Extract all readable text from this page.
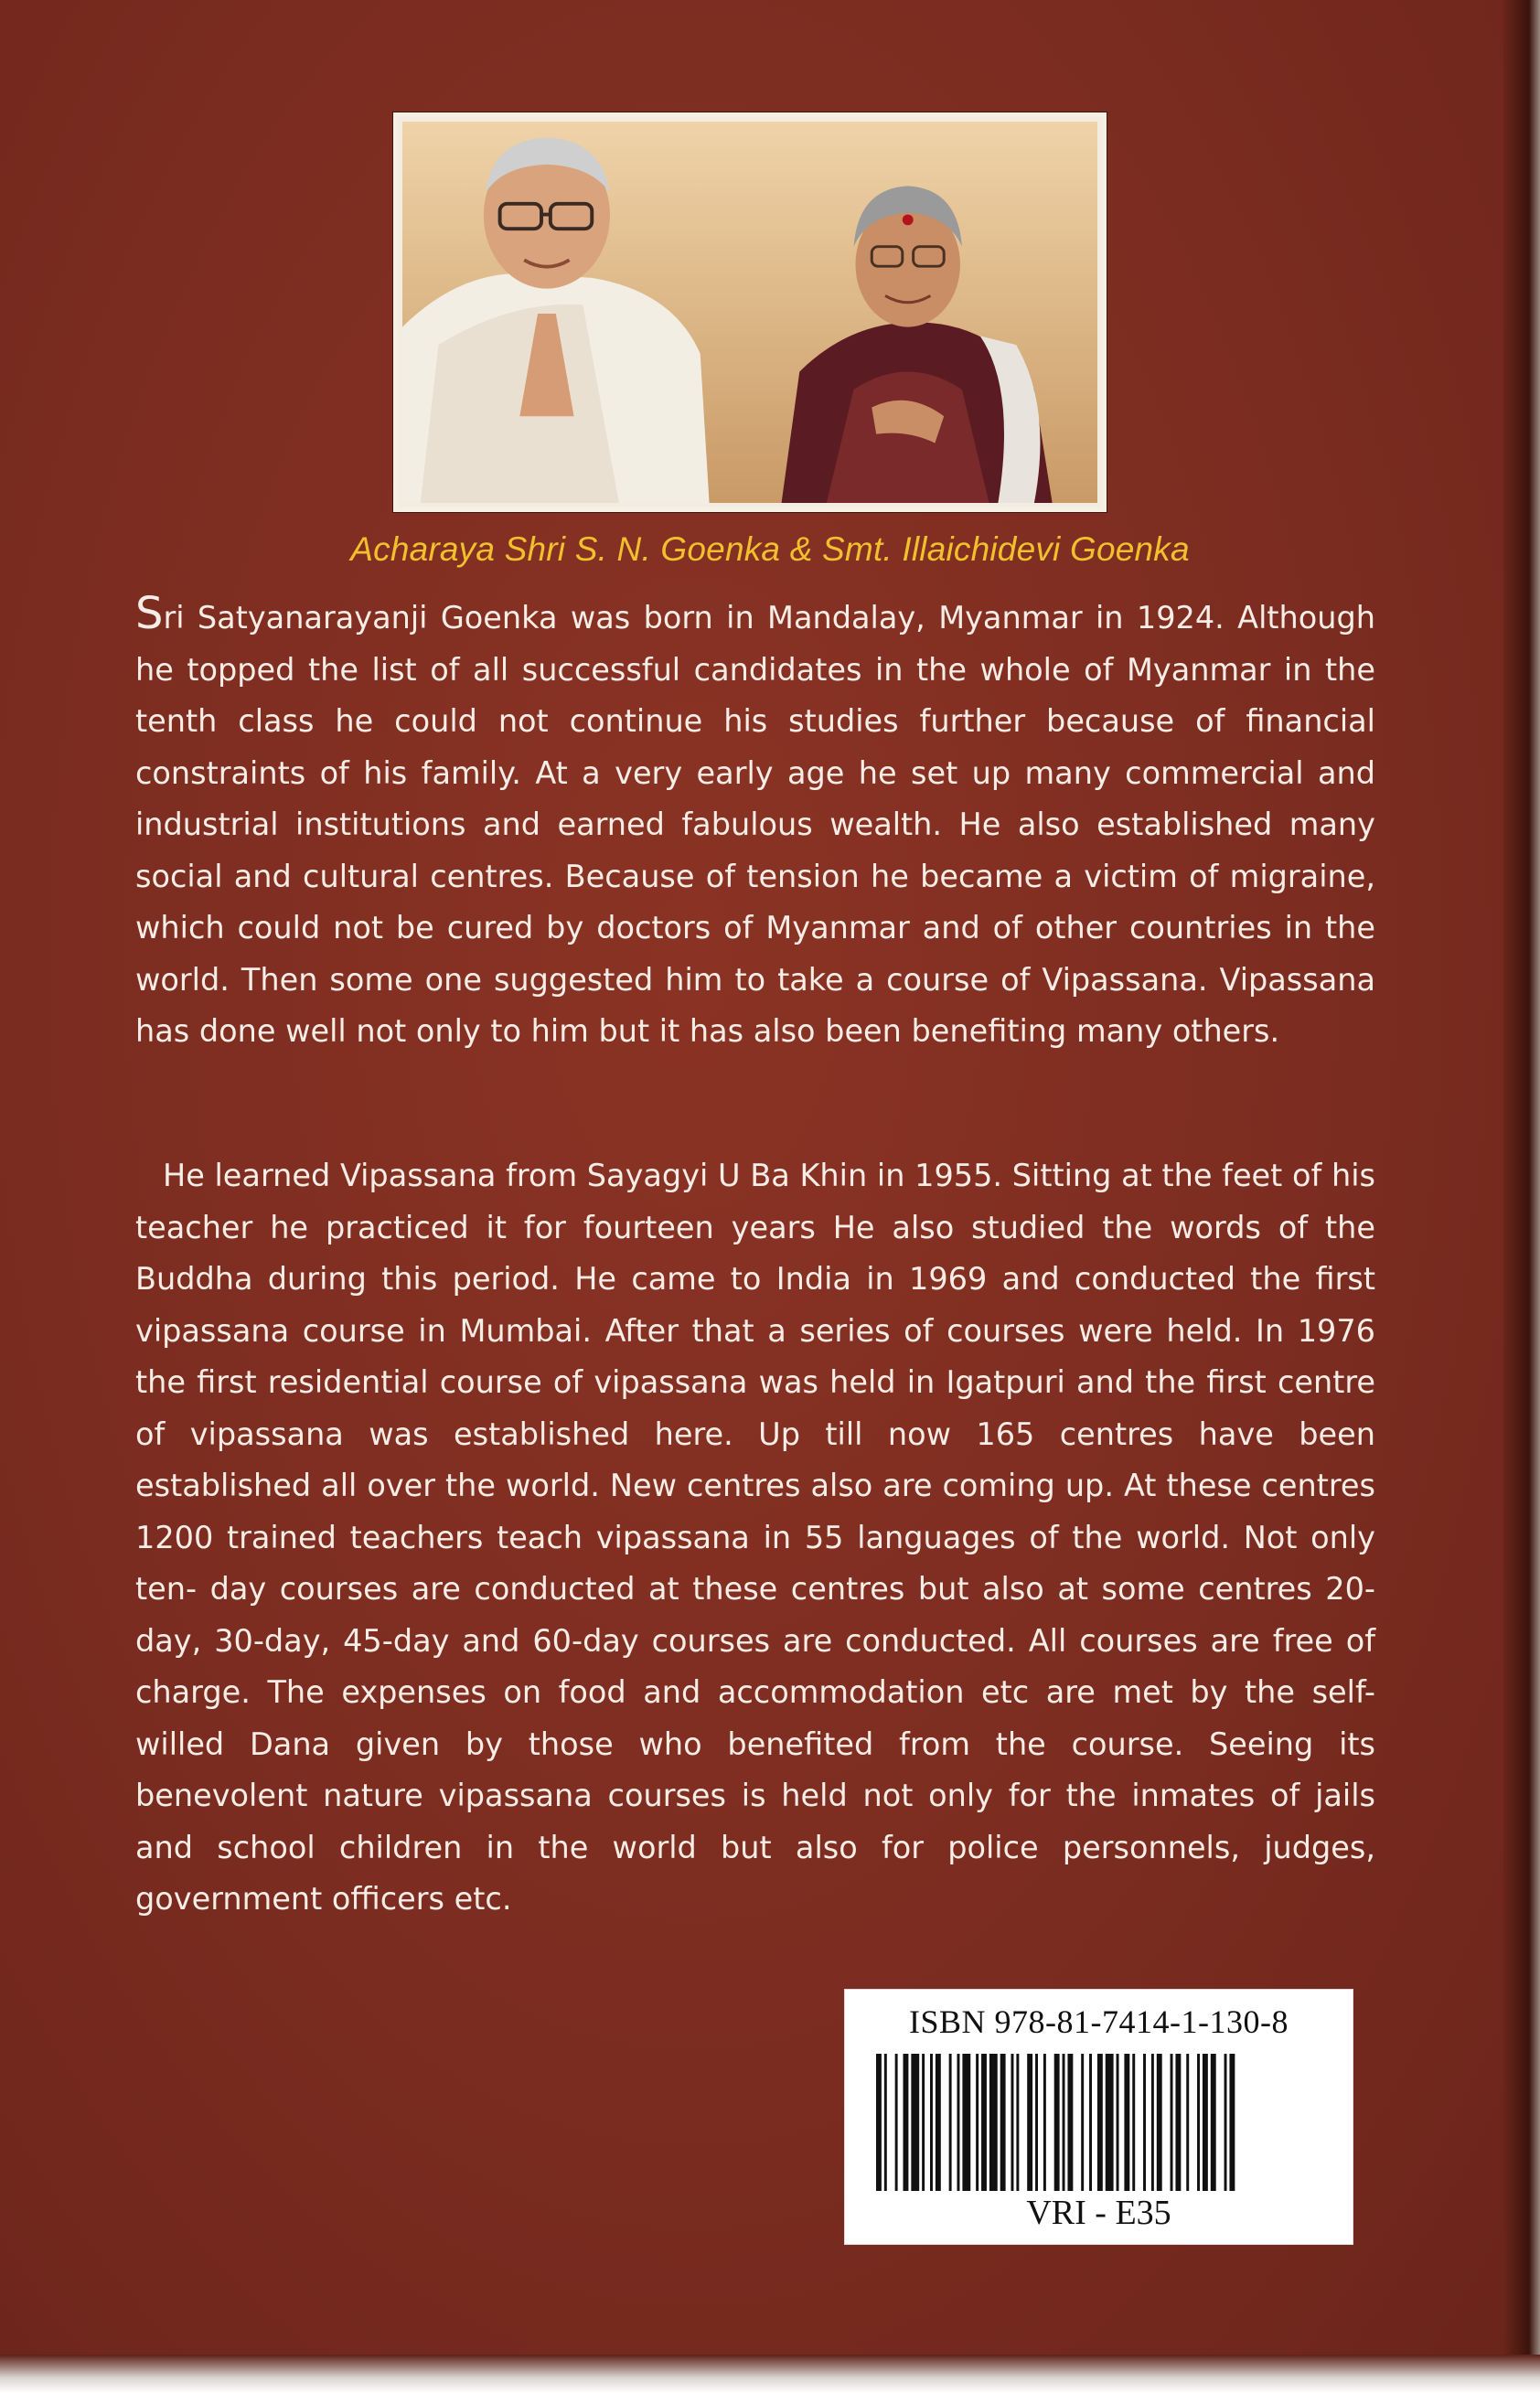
Acharaya Shri S. N. Goenka & Smt. Illaichidevi Goenka

Sri Satyanarayanji Goenka was born in Mandalay, Myanmar in 1924. Although he topped the list of all successful candidates in the whole of Myanmar in the tenth class he could not continue his studies further because of financial constraints of his family. At a very early age he set up many commercial and industrial institutions and earned fabulous wealth. He also established many social and cultural centres. Because of tension he became a victim of migraine, which could not be cured by doctors of Myanmar and of other countries in the world. Then some one suggested him to take a course of Vipassana. Vipassana has done well not only to him but it has also been benefiting many others.

He learned Vipassana from Sayagyi U Ba Khin in 1955. Sitting at the feet of his teacher he practiced it for fourteen years He also studied the words of the Buddha during this period. He came to India in 1969 and conducted the first vipassana course in Mumbai. After that a series of courses were held. In 1976 the first residential course of vipassana was held in Igatpuri and the first centre of vipassana was established here. Up till now 165 centres have been established all over the world. New centres also are coming up. At these centres 1200 trained teachers teach vipassana in 55 languages of the world. Not only ten- day courses are conducted at these centres but also at some centres 20-day, 30-day, 45-day and 60-day courses are conducted. All courses are free of charge. The expenses on food and accommodation etc are met by the self-willed Dana given by those who benefited from the course. Seeing its benevolent nature vipassana courses is held not only for the inmates of jails and school children in the world but also for police personnels, judges, government officers etc.

ISBN 978-81-7414-1-130-8
VRI - E35
